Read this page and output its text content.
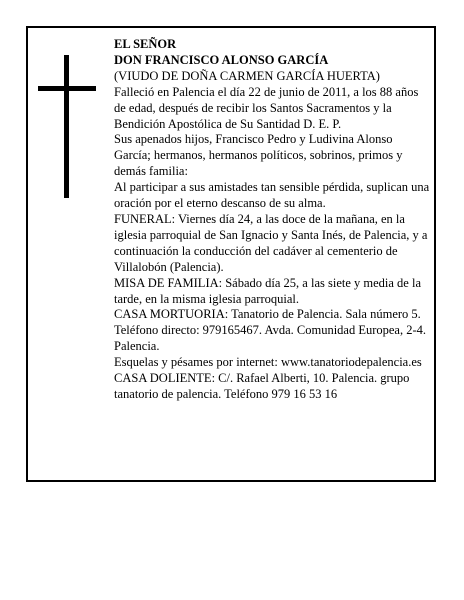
EL SEÑOR

DON FRANCISCO ALONSO GARCÍA

(VIUDO DE DOÑA CARMEN GARCÍA HUERTA)

Falleció en Palencia el día 22 de junio de 2011, a los 88 años de edad, después de recibir los Santos Sacramentos y la Bendición Apostólica de Su Santidad D. E. P.

Sus apenados hijos, Francisco Pedro y Ludivina Alonso García; hermanos, hermanos políticos, sobrinos, primos y demás familia:

Al participar a sus amistades tan sensible pérdida, suplican una oración por el eterno descanso de su alma.

FUNERAL: Viernes día 24, a las doce de la mañana, en la iglesia parroquial de San Ignacio y Santa Inés, de Palencia, y a continuación la conducción del cadáver al cementerio de Villalobón (Palencia).

MISA DE FAMILIA: Sábado día 25, a las siete y media de la tarde, en la misma iglesia parroquial.

CASA MORTUORIA: Tanatorio de Palencia. Sala número 5. Teléfono directo: 979165467. Avda. Comunidad Europea, 2-4. Palencia.

Esquelas y pésames por internet: www.tanatoriodepalencia.es

CASA DOLIENTE: C/. Rafael Alberti, 10. Palencia. grupo tanatorio de palencia. Teléfono 979 16 53 16
